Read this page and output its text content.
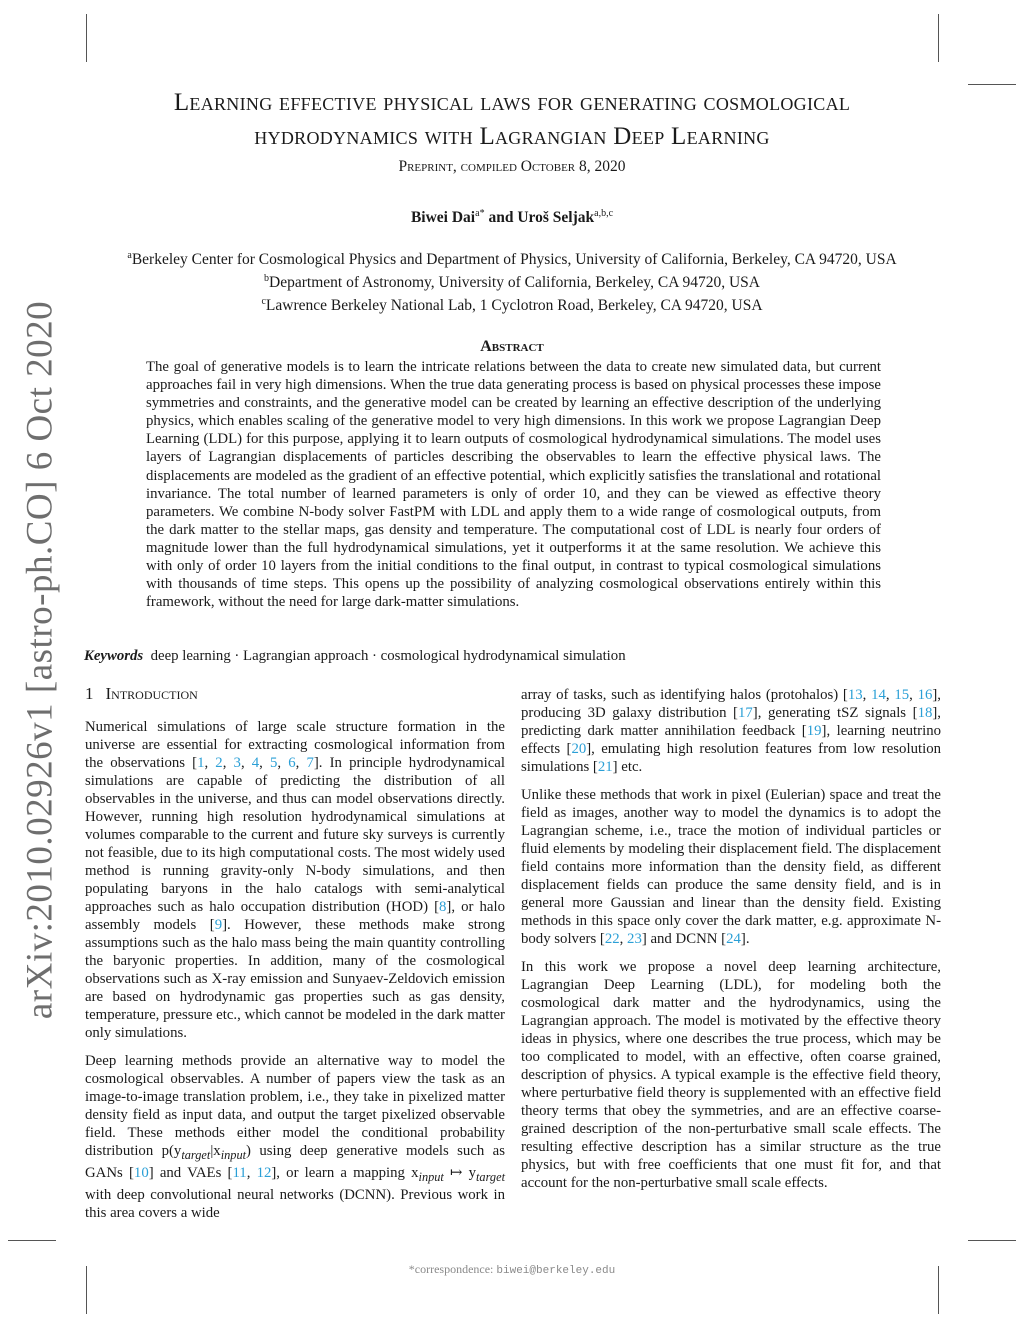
arXiv:2010.02926v1 [astro-ph.CO] 6 Oct 2020
Learning effective physical laws for generating cosmological
hydrodynamics with Lagrangian Deep Learning
Preprint, compiled October 8, 2020
Biwei Dai$^{a*}$ and Uroš Seljak$^{a,b,c}$
$^a$Berkeley Center for Cosmological Physics and Department of Physics, University of California, Berkeley, CA 94720, USA
$^b$Department of Astronomy, University of California, Berkeley, CA 94720, USA
$^c$Lawrence Berkeley National Lab, 1 Cyclotron Road, Berkeley, CA 94720, USA
Abstract
The goal of generative models is to learn the intricate relations between the data to create new simulated data, but current approaches fail in very high dimensions. When the true data generating process is based on physical processes these impose symmetries and constraints, and the generative model can be created by learning an effective description of the underlying physics, which enables scaling of the generative model to very high dimensions. In this work we propose Lagrangian Deep Learning (LDL) for this purpose, applying it to learn outputs of cosmological hydrodynamical simulations. The model uses layers of Lagrangian displacements of particles describing the observables to learn the effective physical laws. The displacements are modeled as the gradient of an effective potential, which explicitly satisfies the translational and rotational invariance. The total number of learned parameters is only of order 10, and they can be viewed as effective theory parameters. We combine N-body solver FastPM with LDL and apply them to a wide range of cosmological outputs, from the dark matter to the stellar maps, gas density and temperature. The computational cost of LDL is nearly four orders of magnitude lower than the full hydrodynamical simulations, yet it outperforms it at the same resolution. We achieve this with only of order 10 layers from the initial conditions to the final output, in contrast to typical cosmological simulations with thousands of time steps. This opens up the possibility of analyzing cosmological observations entirely within this framework, without the need for large dark-matter simulations.
Keywords deep learning · Lagrangian approach · cosmological hydrodynamical simulation
1 Introduction

Numerical simulations of large scale structure formation in the universe are essential for extracting cosmological information from the observations [1, 2, 3, 4, 5, 6, 7]. In principle hydrodynamical simulations are capable of predicting the distribution of all observables in the universe, and thus can model observations directly. However, running high resolution hydrodynamical simulations at volumes comparable to the current and future sky surveys is currently not feasible, due to its high computational costs. The most widely used method is running gravity-only N-body simulations, and then populating baryons in the halo catalogs with semi-analytical approaches such as halo occupation distribution (HOD) [8], or halo assembly models [9]. However, these methods make strong assumptions such as the halo mass being the main quantity controlling the baryonic properties. In addition, many of the cosmological observations such as X-ray emission and Sunyaev-Zeldovich emission are based on hydrodynamic gas properties such as gas density, temperature, pressure etc., which cannot be modeled in the dark matter only simulations.

Deep learning methods provide an alternative way to model the cosmological observables. A number of papers view the task as an image-to-image translation problem, i.e., they take in pixelized matter density field as input data, and output the target pixelized observable field. These methods either model the conditional probability distribution $p(y_{target}|x_{input})$ using deep generative models such as GANs [10] and VAEs [11, 12], or learn a mapping $x_{input}$ ↦ $y_{target}$ with deep convolutional neural networks (DCNN). Previous work in this area covers a wide

array of tasks, such as identifying halos (protohalos) [13, 14, 15, 16], producing 3D galaxy distribution [17], generating tSZ signals [18], predicting dark matter annihilation feedback [19], learning neutrino effects [20], emulating high resolution features from low resolution simulations [21] etc.

Unlike these methods that work in pixel (Eulerian) space and treat the field as images, another way to model the dynamics is to adopt the Lagrangian scheme, i.e., trace the motion of individual particles or fluid elements by modeling their displacement field. The displacement field contains more information than the density field, as different displacement fields can produce the same density field, and is in general more Gaussian and linear than the density field. Existing methods in this space only cover the dark matter, e.g. approximate N-body solvers [22, 23] and DCNN [24].

In this work we propose a novel deep learning architecture, Lagrangian Deep Learning (LDL), for modeling both the cosmological dark matter and the hydrodynamics, using the Lagrangian approach. The model is motivated by the effective theory ideas in physics, where one describes the true process, which may be too complicated to model, with an effective, often coarse grained, description of physics. A typical example is the effective field theory, where perturbative field theory is supplemented with an effective field theory terms that obey the symmetries, and are an effective coarse-grained description of the non-perturbative small scale effects. The resulting effective description has a similar structure as the true physics, but with free coefficients that one must fit for, and that account for the non-perturbative small scale effects.

*correspondence: biwei@berkeley.edu
